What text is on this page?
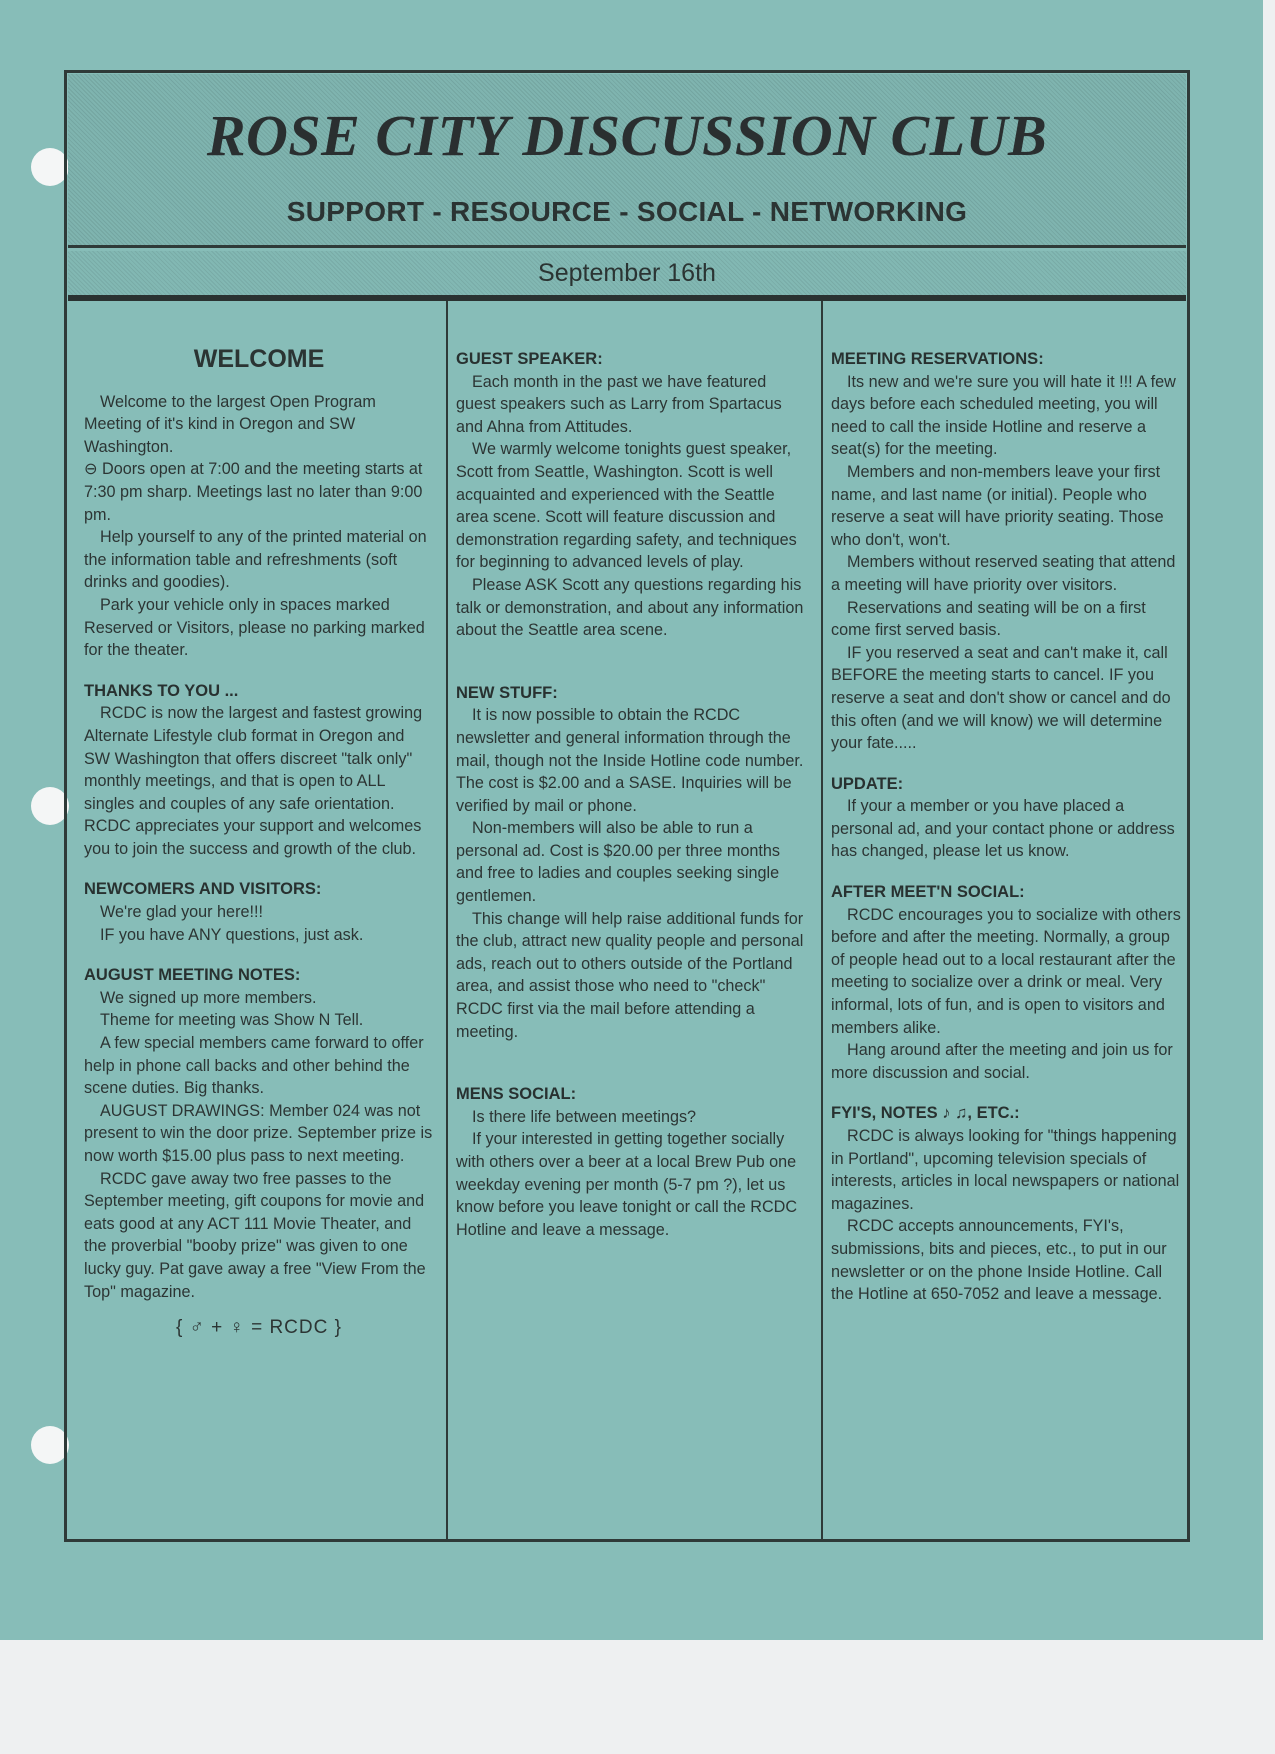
ROSE CITY DISCUSSION CLUB
SUPPORT - RESOURCE - SOCIAL - NETWORKING
September 16th
WELCOME

Welcome to the largest Open Program Meeting of it's kind in Oregon and SW Washington.

⊖ Doors open at 7:00 and the meeting starts at 7:30 pm sharp. Meetings last no later than 9:00 pm.

Help yourself to any of the printed material on the information table and refreshments (soft drinks and goodies).

Park your vehicle only in spaces marked Reserved or Visitors, please no parking marked for the theater.

THANKS TO YOU ...

RCDC is now the largest and fastest growing Alternate Lifestyle club format in Oregon and SW Washington that offers discreet "talk only" monthly meetings, and that is open to ALL singles and couples of any safe orientation. RCDC appreciates your support and welcomes you to join the success and growth of the club.

NEWCOMERS AND VISITORS:

We're glad your here!!!

IF you have ANY questions, just ask.

AUGUST MEETING NOTES:

We signed up more members.

Theme for meeting was Show N Tell.

A few special members came forward to offer help in phone call backs and other behind the scene duties. Big thanks.

AUGUST DRAWINGS: Member 024 was not present to win the door prize. September prize is now worth $15.00 plus pass to next meeting.

RCDC gave away two free passes to the September meeting, gift coupons for movie and eats good at any ACT 111 Movie Theater, and the proverbial "booby prize" was given to one lucky guy. Pat gave away a free "View From the Top" magazine.

{ ♂ + ♀ = RCDC }
GUEST SPEAKER:

Each month in the past we have featured guest speakers such as Larry from Spartacus and Ahna from Attitudes.

We warmly welcome tonights guest speaker, Scott from Seattle, Washington. Scott is well acquainted and experienced with the Seattle area scene. Scott will feature discussion and demonstration regarding safety, and techniques for beginning to advanced levels of play.

Please ASK Scott any questions regarding his talk or demonstration, and about any information about the Seattle area scene.

NEW STUFF:

It is now possible to obtain the RCDC newsletter and general information through the mail, though not the Inside Hotline code number. The cost is $2.00 and a SASE. Inquiries will be verified by mail or phone.

Non-members will also be able to run a personal ad. Cost is $20.00 per three months and free to ladies and couples seeking single gentlemen.

This change will help raise additional funds for the club, attract new quality people and personal ads, reach out to others outside of the Portland area, and assist those who need to "check" RCDC first via the mail before attending a meeting.

MENS SOCIAL:

Is there life between meetings?

If your interested in getting together socially with others over a beer at a local Brew Pub one weekday evening per month (5-7 pm ?), let us know before you leave tonight or call the RCDC Hotline and leave a message.

MEETING RESERVATIONS:

Its new and we're sure you will hate it !!! A few days before each scheduled meeting, you will need to call the inside Hotline and reserve a seat(s) for the meeting.

Members and non-members leave your first name, and last name (or initial). People who reserve a seat will have priority seating. Those who don't, won't.

Members without reserved seating that attend a meeting will have priority over visitors.

Reservations and seating will be on a first come first served basis.

IF you reserved a seat and can't make it, call BEFORE the meeting starts to cancel. IF you reserve a seat and don't show or cancel and do this often (and we will know) we will determine your fate.....

UPDATE:

If your a member or you have placed a personal ad, and your contact phone or address has changed, please let us know.

AFTER MEET'N SOCIAL:

RCDC encourages you to socialize with others before and after the meeting. Normally, a group of people head out to a local restaurant after the meeting to socialize over a drink or meal. Very informal, lots of fun, and is open to visitors and members alike.

Hang around after the meeting and join us for more discussion and social.

FYI'S, NOTES ♪ ♫, ETC.:

RCDC is always looking for "things happening in Portland", upcoming television specials of interests, articles in local newspapers or national magazines.

RCDC accepts announcements, FYI's, submissions, bits and pieces, etc., to put in our newsletter or on the phone Inside Hotline. Call the Hotline at 650-7052 and leave a message.
